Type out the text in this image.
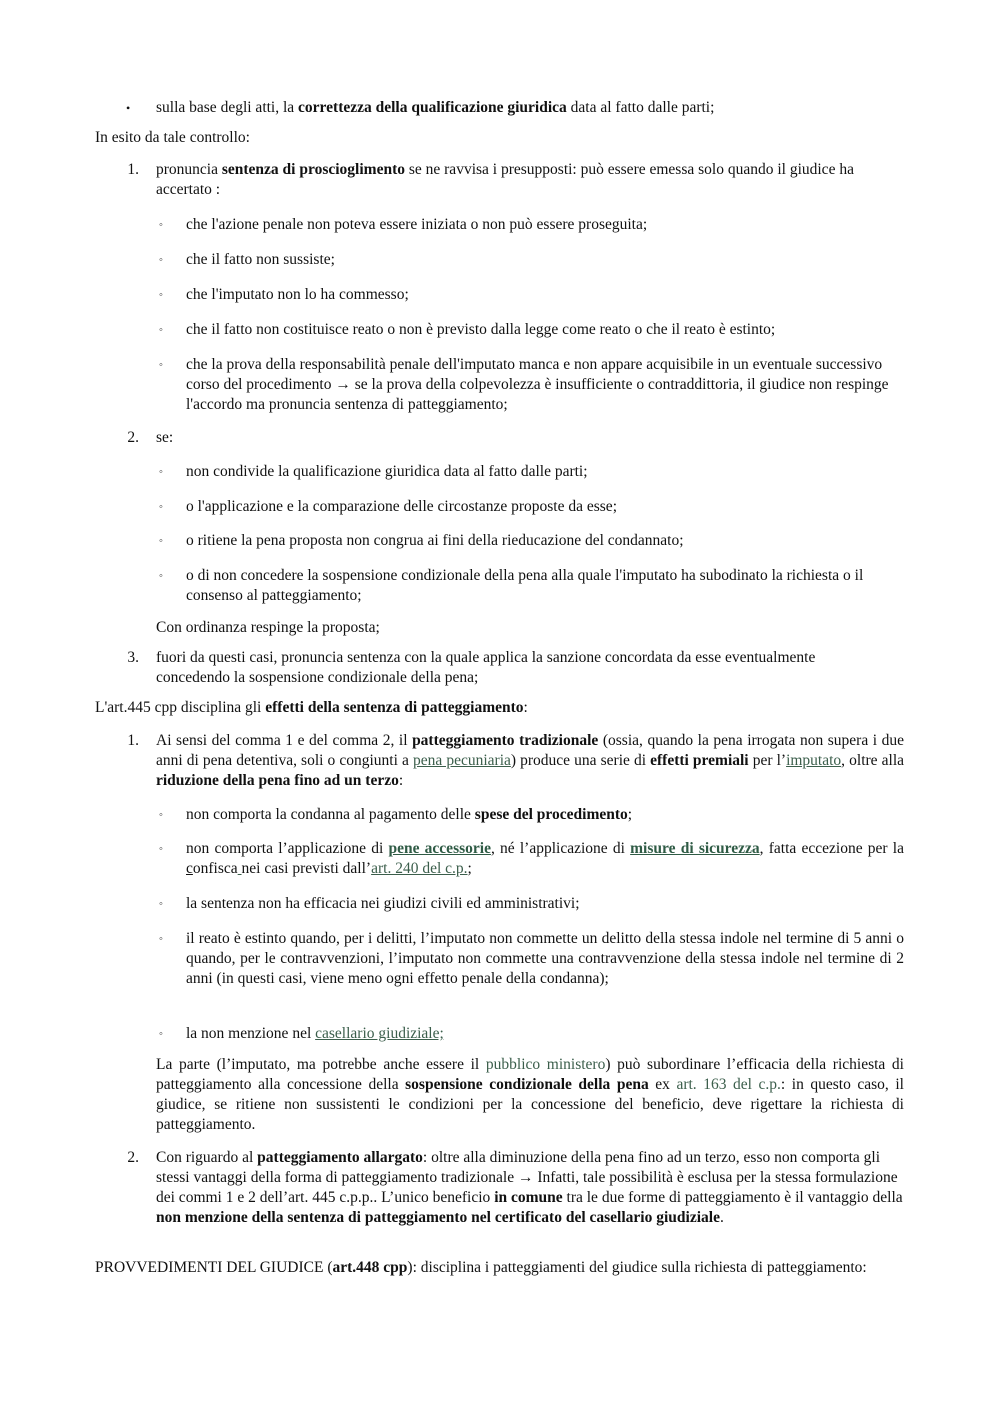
• sulla base degli atti, la correttezza della qualificazione giuridica data al fatto dalle parti;

In esito da tale controllo:

1. pronuncia sentenza di proscioglimento se ne ravvisa i presupposti: può essere emessa solo quando il giudice ha accertato :

◦ che l'azione penale non poteva essere iniziata o non può essere proseguita;

◦ che il fatto non sussiste;

◦ che l'imputato non lo ha commesso;

◦ che il fatto non costituisce reato o non è previsto dalla legge come reato o che il reato è estinto;

◦ che la prova della responsabilità penale dell'imputato manca e non appare acquisibile in un eventuale successivo corso del procedimento → se la prova della colpevolezza è insufficiente o contraddittoria, il giudice non respinge l'accordo ma pronuncia sentenza di patteggiamento;

2. se:

◦ non condivide la qualificazione giuridica data al fatto dalle parti;

◦ o l'applicazione e la comparazione delle circostanze proposte da esse;

◦ o ritiene la pena proposta non congrua ai fini della rieducazione del condannato;

◦ o di non concedere la sospensione condizionale della pena alla quale l'imputato ha subodinato la richiesta o il consenso al patteggiamento;

Con ordinanza respinge la proposta;

3. fuori da questi casi, pronuncia sentenza con la quale applica la sanzione concordata da esse eventualmente concedendo la sospensione condizionale della pena;

L'art.445 cpp disciplina gli effetti della sentenza di patteggiamento:

1. Ai sensi del comma 1 e del comma 2, il patteggiamento tradizionale (ossia, quando la pena irrogata non supera i due anni di pena detentiva, soli o congiunti a pena pecuniaria) produce una serie di effetti premiali per l’imputato, oltre alla riduzione della pena fino ad un terzo:

◦ non comporta la condanna al pagamento delle spese del procedimento;

◦ non comporta l’applicazione di pene accessorie, né l’applicazione di misure di sicurezza, fatta eccezione per la confisca nei casi previsti dall’art. 240 del c.p.;

◦ la sentenza non ha efficacia nei giudizi civili ed amministrativi;

◦ il reato è estinto quando, per i delitti, l’imputato non commette un delitto della stessa indole nel termine di 5 anni o quando, per le contravvenzioni, l’imputato non commette una contravvenzione della stessa indole nel termine di 2 anni (in questi casi, viene meno ogni effetto penale della condanna);

◦ la non menzione nel casellario giudiziale;

La parte (l’imputato, ma potrebbe anche essere il pubblico ministero) può subordinare l’efficacia della richiesta di patteggiamento alla concessione della sospensione condizionale della pena ex art. 163 del c.p.: in questo caso, il giudice, se ritiene non sussistenti le condizioni per la concessione del beneficio, deve rigettare la richiesta di patteggiamento.

2. Con riguardo al patteggiamento allargato: oltre alla diminuzione della pena fino ad un terzo, esso non comporta gli stessi vantaggi della forma di patteggiamento tradizionale → Infatti, tale possibilità è esclusa per la stessa formulazione dei commi 1 e 2 dell’art. 445 c.p.p.. L’unico beneficio in comune tra le due forme di patteggiamento è il vantaggio della non menzione della sentenza di patteggiamento nel certificato del casellario giudiziale.

PROVVEDIMENTI DEL GIUDICE (art.448 cpp): disciplina i patteggiamenti del giudice sulla richiesta di patteggiamento:
